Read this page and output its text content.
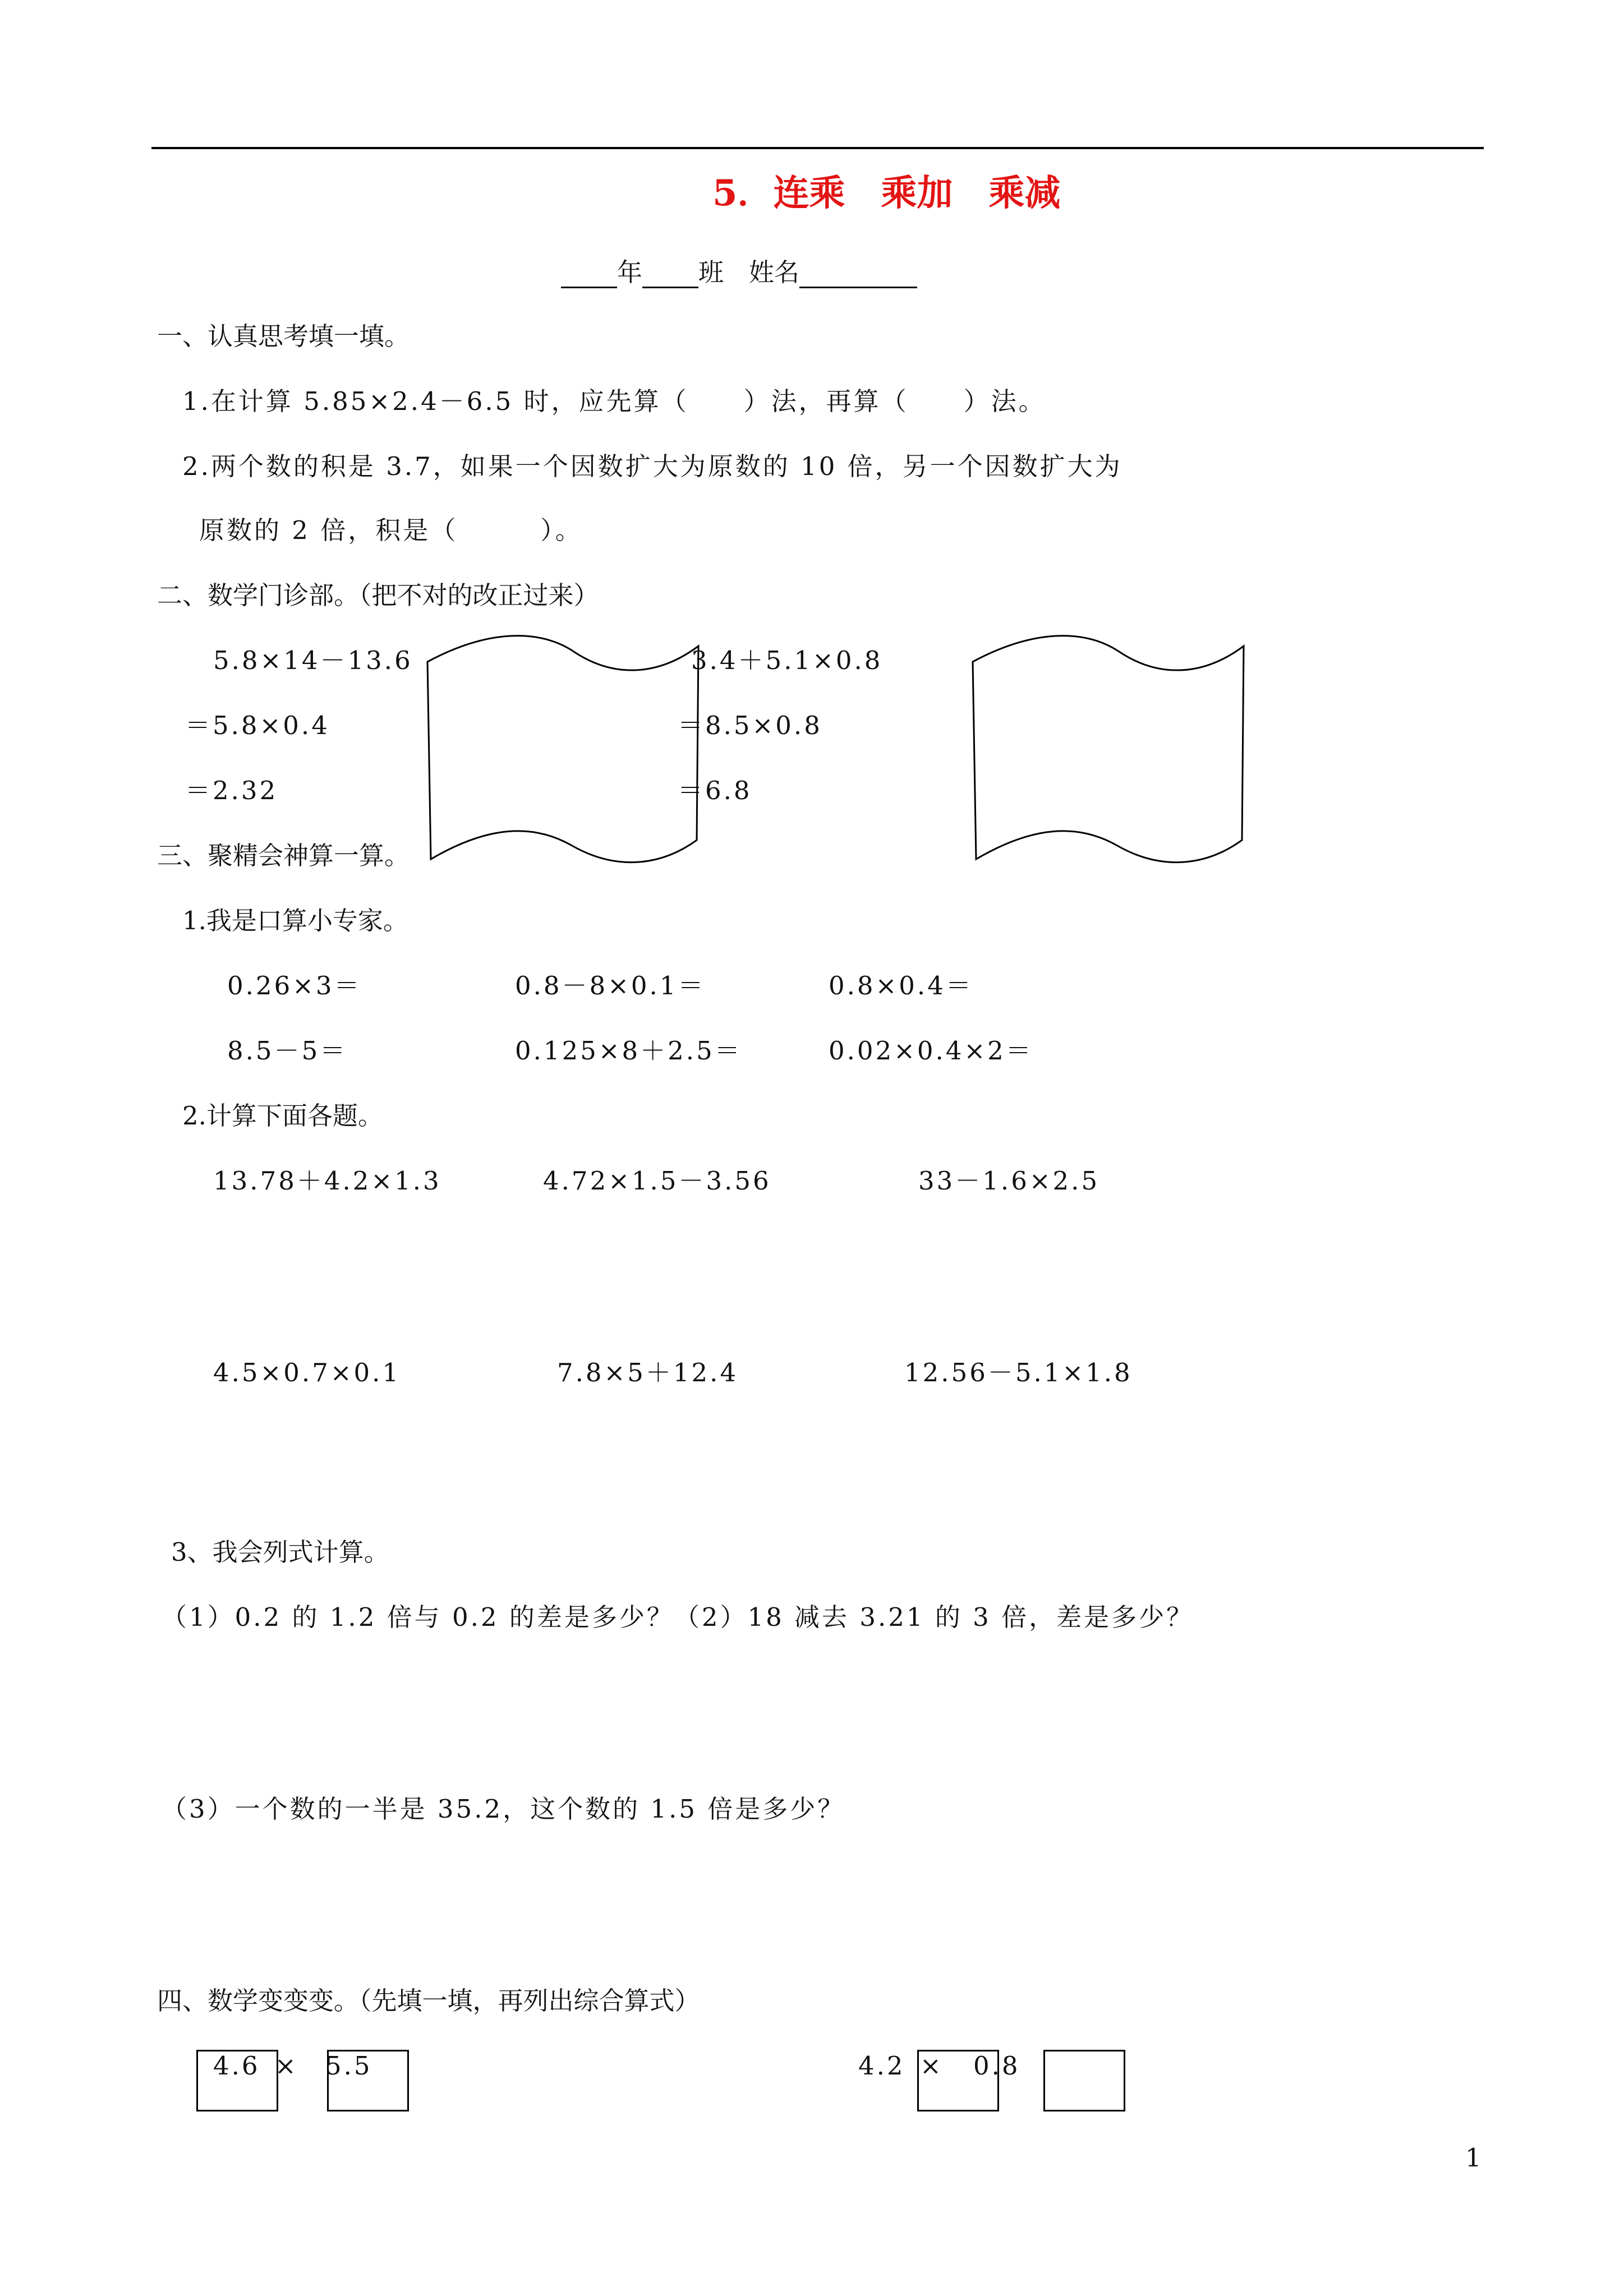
5．连乘　乘加　乘减
年 班 姓名
一、认真思考填一填。
1.在计算 5.85×2.4－6.5 时，应先算（　　）法，再算（　　）法。
2.两个数的积是 3.7，如果一个因数扩大为原数的 10 倍，另一个因数扩大为
原数的 2 倍，积是（　　　）。
二、数学门诊部。（把不对的改正过来）
5.8×14－13.6
＝5.8×0.4
＝2.32
3.4＋5.1×0.8
＝8.5×0.8
＝6.8
三、聚精会神算一算。
1.我是口算小专家。
0.26×3＝	0.8－8×0.1＝	0.8×0.4＝
8.5－5＝	0.125×8＋2.5＝	0.02×0.4×2＝
2.计算下面各题。
13.78＋4.2×1.3	4.72×1.5－3.56	33－1.6×2.5
4.5×0.7×0.1	7.8×5＋12.4	12.56－5.1×1.8
3、我会列式计算。
（1）0.2 的 1.2 倍与 0.2 的差是多少？（2）18 减去 3.21 的 3 倍，差是多少？
（3）一个数的一半是 35.2，这个数的 1.5 倍是多少？
四、数学变变变。（先填一填，再列出综合算式）
4.6 × 5.5	4.2 × 0.8
1
